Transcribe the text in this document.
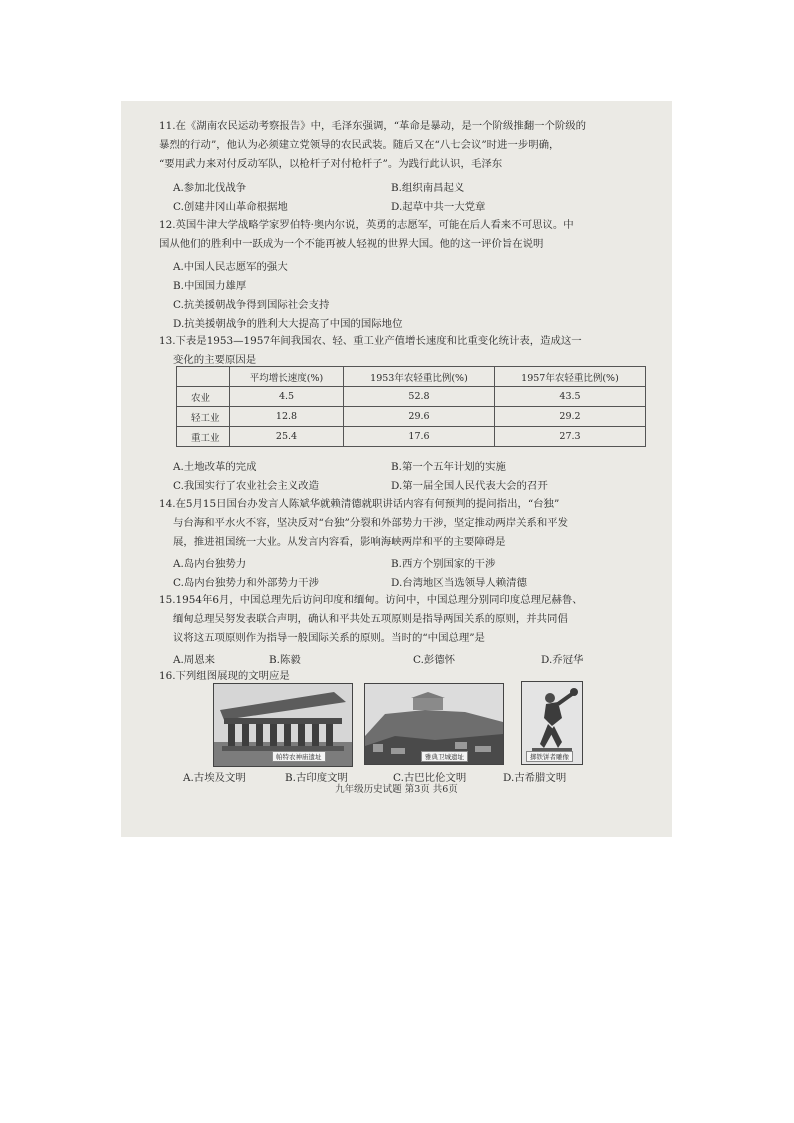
11.在《湖南农民运动考察报告》中，毛泽东强调，“革命是暴动，是一个阶级推翻一个阶级的
暴烈的行动”，他认为必须建立党领导的农民武装。随后又在“八七会议”时进一步明确，
“要用武力来对付反动军队，以枪杆子对付枪杆子”。为践行此认识，毛泽东
A.参加北伐战争	B.组织南昌起义
C.创建井冈山革命根据地	D.起草中共一大党章
12.英国牛津大学战略学家罗伯特·奥内尔说，英勇的志愿军，可能在后人看来不可思议。中
国从他们的胜利中一跃成为一个不能再被人轻视的世界大国。他的这一评价旨在说明
A.中国人民志愿军的强大
B.中国国力雄厚
C.抗美援朝战争得到国际社会支持
D.抗美援朝战争的胜利大大提高了中国的国际地位
13.下表是1953—1957年间我国农、轻、重工业产值增长速度和比重变化统计表，造成这一
变化的主要原因是
	平均增长速度(%)	1953年农轻重比例(%)	1957年农轻重比例(%)
农业	4.5	52.8	43.5
轻工业	12.8	29.6	29.2
重工业	25.4	17.6	27.3
A.土地改革的完成	B.第一个五年计划的实施
C.我国实行了农业社会主义改造	D.第一届全国人民代表大会的召开
14.在5月15日国台办发言人陈斌华就赖清德就职讲话内容有何预判的提问指出，“台独”
与台海和平水火不容，坚决反对“台独”分裂和外部势力干涉，坚定推动两岸关系和平发
展，推进祖国统一大业。从发言内容看，影响海峡两岸和平的主要障碍是
A.岛内台独势力	B.西方个别国家的干涉
C.岛内台独势力和外部势力干涉	D.台湾地区当选领导人赖清德
15.1954年6月，中国总理先后访问印度和缅甸。访问中，中国总理分别同印度总理尼赫鲁、
缅甸总理吴努发表联合声明，确认和平共处五项原则是指导两国关系的原则，并共同倡
议将这五项原则作为指导一般国际关系的原则。当时的“中国总理”是
A.周恩来	B.陈毅	C.彭德怀	D.乔冠华
16.下列组图展现的文明应是
帕特农神庙遗址	雅典卫城遗址	掷铁饼者雕像
A.古埃及文明	B.古印度文明	C.古巴比伦文明	D.古希腊文明
九年级历史试题 第3页 共6页
